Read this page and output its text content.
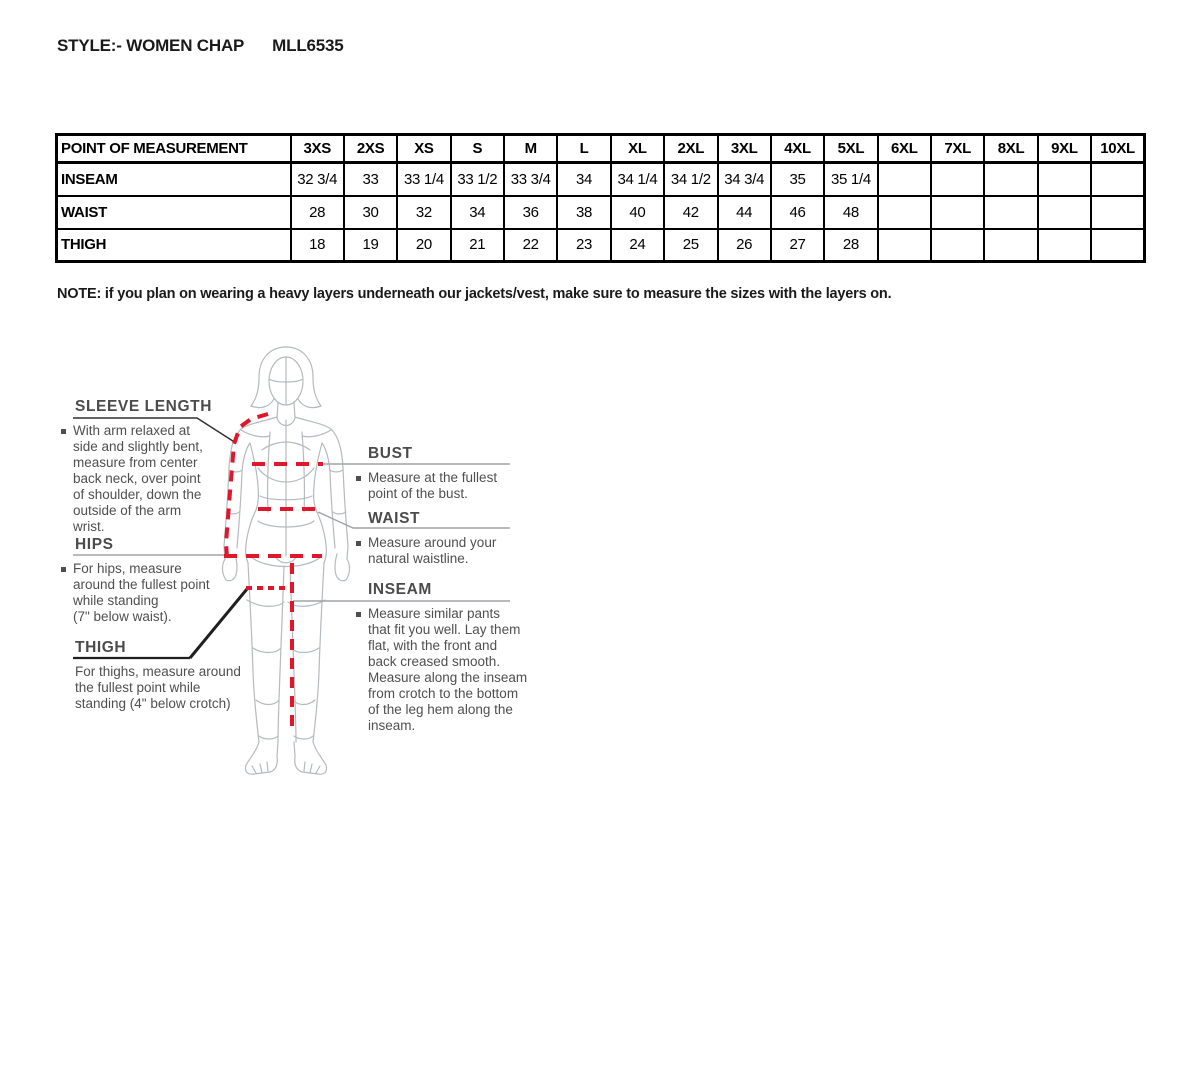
STYLE:- WOMEN CHAP MLL6535
POINT OF MEASUREMENT	3XS	2XS	XS	S	M	L	XL	2XL	3XL	4XL	5XL	6XL	7XL	8XL	9XL	10XL
INSEAM	32 3/4	33	33 1/4	33 1/2	33 3/4	34	34 1/4	34 1/2	34 3/4	35	35 1/4					
WAIST	28	30	32	34	36	38	40	42	44	46	48					
THIGH	18	19	20	21	22	23	24	25	26	27	28					
NOTE: if you plan on wearing a heavy layers underneath our jackets/vest, make sure to measure the sizes with the layers on.
SLEEVE LENGTH
With arm relaxed at
side and slightly bent,
measure from center
back neck, over point
of shoulder, down the
outside of the arm
wrist.
HIPS
For hips, measure
around the fullest point
while standing
(7" below waist).
THIGH
For thighs, measure around
the fullest point while
standing (4" below crotch)
BUST
Measure at the fullest
point of the bust.
WAIST
Measure around your
natural waistline.
INSEAM
Measure similar pants
that fit you well. Lay them
flat, with the front and
back creased smooth.
Measure along the inseam
from crotch to the bottom
of the leg hem along the
inseam.
